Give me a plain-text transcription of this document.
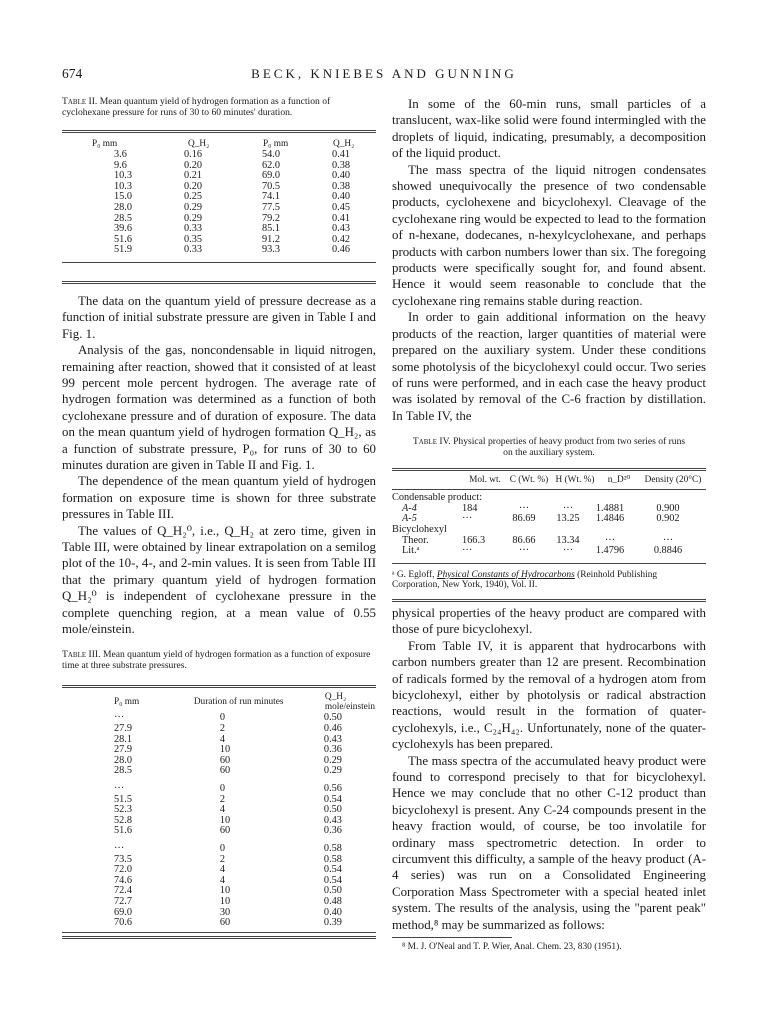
674	BECK, KNIEBES AND GUNNING

Table II. Mean quantum yield of hydrogen formation as a function of cyclohexane pressure for runs of 30 to 60 minutes' duration.

P₀ mm	Q_H₂	P₀ mm	Q_H₂
3.6	0.16	54.0	0.41
9.6	0.20	62.0	0.38
10.3	0.21	69.0	0.40
10.3	0.20	70.5	0.38
15.0	0.25	74.1	0.40
28.0	0.29	77.5	0.45
28.5	0.29	79.2	0.41
39.6	0.33	85.1	0.43
51.6	0.35	91.2	0.42
51.9	0.33	93.3	0.46

The data on the quantum yield of pressure decrease as a function of initial substrate pressure are given in Table I and Fig. 1.

Analysis of the gas, noncondensable in liquid nitrogen, remaining after reaction, showed that it consisted of at least 99 percent mole percent hydrogen. The average rate of hydrogen formation was determined as a function of both cyclohexane pressure and of duration of exposure. The data on the mean quantum yield of hydrogen formation Q_H₂, as a function of substrate pressure, P₀, for runs of 30 to 60 minutes duration are given in Table II and Fig. 1.

The dependence of the mean quantum yield of hydrogen formation on exposure time is shown for three substrate pressures in Table III.

The values of Q_H₂⁰, i.e., Q_H₂ at zero time, given in Table III, were obtained by linear extrapolation on a semilog plot of the 10-, 4-, and 2-min values. It is seen from Table III that the primary quantum yield of hydrogen formation Q_H₂⁰ is independent of cyclohexane pressure in the complete quenching region, at a mean value of 0.55 mole/einstein.

Table III. Mean quantum yield of hydrogen formation as a function of exposure time at three substrate pressures.

P₀ mm	Duration of run minutes	Q_H₂ mole/einstein
···	0	0.50
27.9	2	0.46
28.1	4	0.43
27.9	10	0.36
28.0	60	0.29
28.5	60	0.29

···	0	0.56
51.5	2	0.54
52.3	4	0.50
52.8	10	0.43
51.6	60	0.36

···	0	0.58
73.5	2	0.58
72.0	4	0.54
74.6	4	0.54
72.4	10	0.50
72.7	10	0.48
69.0	30	0.40
70.6	60	0.39

In some of the 60-min runs, small particles of a translucent, wax-like solid were found intermingled with the droplets of liquid, indicating, presumably, a decomposition of the liquid product.

The mass spectra of the liquid nitrogen condensates showed unequivocally the presence of two condensable products, cyclohexene and bicyclohexyl. Cleavage of the cyclohexane ring would be expected to lead to the formation of n-hexane, dodecanes, n-hexylcyclohexane, and perhaps products with carbon numbers lower than six. The foregoing products were specifically sought for, and found absent. Hence it would seem reasonable to conclude that the cyclohexane ring remains stable during reaction.

In order to gain additional information on the heavy products of the reaction, larger quantities of material were prepared on the auxiliary system. Under these conditions some photolysis of the bicyclohexyl could occur. Two series of runs were performed, and in each case the heavy product was isolated by removal of the C-6 fraction by distillation. In Table IV, the

Table IV. Physical properties of heavy product from two series of runs on the auxiliary system.

	Mol. wt.	C (Wt. %)	H (Wt. %)	n_D²⁰	Density (20°C)
Condensable product:					
A-4	184	···	···	1.4881	0.900
A-5	···	86.69	13.25	1.4846	0.902
Bicyclohexyl					
Theor.	166.3	86.66	13.34	···	···
Lit.ᵃ	···	···	···	1.4796	0.8846

ᵃ G. Egloff, Physical Constants of Hydrocarbons (Reinhold Publishing Corporation, New York, 1940), Vol. II.

physical properties of the heavy product are compared with those of pure bicyclohexyl.

From Table IV, it is apparent that hydrocarbons with carbon numbers greater than 12 are present. Recombination of radicals formed by the removal of a hydrogen atom from bicyclohexyl, either by photolysis or radical abstraction reactions, would result in the formation of quater-cyclohexyls, i.e., C₂₄H₄₂. Unfortunately, none of the quater-cyclohexyls has been prepared.

The mass spectra of the accumulated heavy product were found to correspond precisely to that for bicyclohexyl. Hence we may conclude that no other C-12 product than bicyclohexyl is present. Any C-24 compounds present in the heavy fraction would, of course, be too involatile for ordinary mass spectrometric detection. In order to circumvent this difficulty, a sample of the heavy product (A-4 series) was run on a Consolidated Engineering Corporation Mass Spectrometer with a special heated inlet system. The results of the analysis, using the "parent peak" method,⁸ may be summarized as follows:

⁸ M. J. O'Neal and T. P. Wier, Anal. Chem. 23, 830 (1951).
